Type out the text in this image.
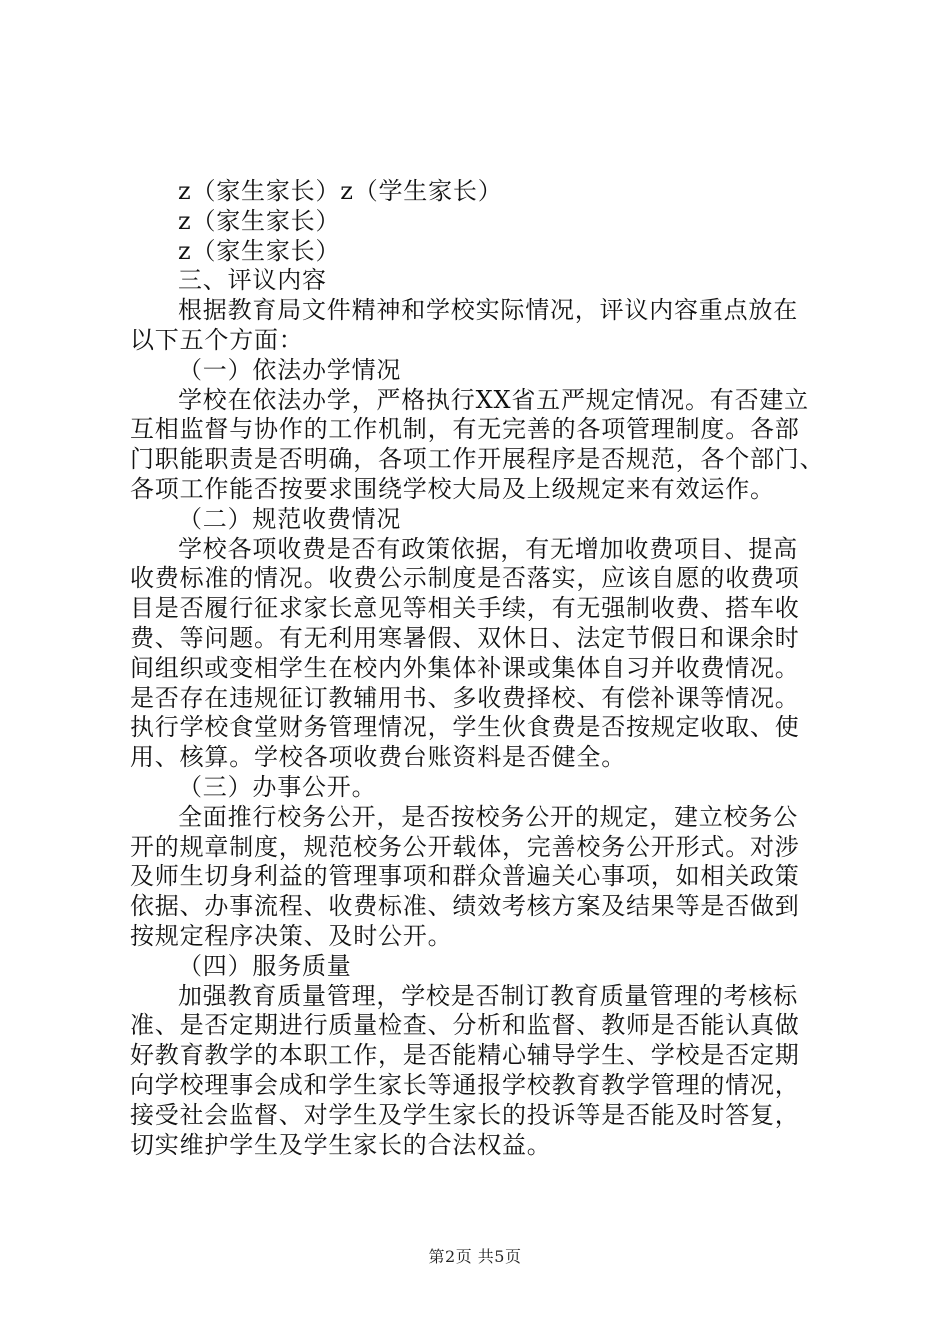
z（家生家长）z（学生家长）
z（家生家长）
z（家生家长）
三、评议内容
根据教育局文件精神和学校实际情况，评议内容重点放在
以下五个方面：
（一）依法办学情况
学校在依法办学，严格执行XX省五严规定情况。有否建立
互相监督与协作的工作机制，有无完善的各项管理制度。各部
门职能职责是否明确，各项工作开展程序是否规范，各个部门、
各项工作能否按要求围绕学校大局及上级规定来有效运作。
（二）规范收费情况
学校各项收费是否有政策依据，有无增加收费项目、提高
收费标准的情况。收费公示制度是否落实，应该自愿的收费项
目是否履行征求家长意见等相关手续，有无强制收费、搭车收
费、等问题。有无利用寒暑假、双休日、法定节假日和课余时
间组织或变相学生在校内外集体补课或集体自习并收费情况。
是否存在违规征订教辅用书、多收费择校、有偿补课等情况。
执行学校食堂财务管理情况，学生伙食费是否按规定收取、使
用、核算。学校各项收费台账资料是否健全。
（三）办事公开。
全面推行校务公开，是否按校务公开的规定，建立校务公
开的规章制度，规范校务公开载体，完善校务公开形式。对涉
及师生切身利益的管理事项和群众普遍关心事项，如相关政策
依据、办事流程、收费标准、绩效考核方案及结果等是否做到
按规定程序决策、及时公开。
（四）服务质量
加强教育质量管理，学校是否制订教育质量管理的考核标
准、是否定期进行质量检查、分析和监督、教师是否能认真做
好教育教学的本职工作，是否能精心辅导学生、学校是否定期
向学校理事会成和学生家长等通报学校教育教学管理的情况，
接受社会监督、对学生及学生家长的投诉等是否能及时答复，
切实维护学生及学生家长的合法权益。
第2页 共5页
